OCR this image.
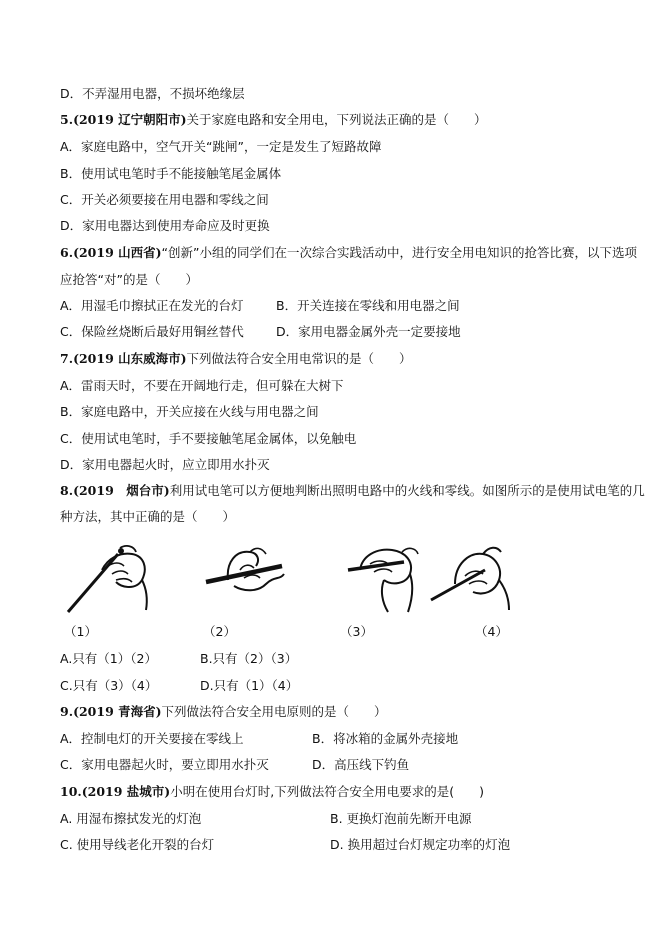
D．不弄湿用电器，不损坏绝缘层
5.(2019 辽宁朝阳市)关于家庭电路和安全用电，下列说法正确的是（　　）
A．家庭电路中，空气开关“跳闸”，一定是发生了短路故障
B．使用试电笔时手不能接触笔尾金属体
C．开关必须要接在用电器和零线之间
D．家用电器达到使用寿命应及时更换
6.(2019 山西省)“创新”小组的同学们在一次综合实践活动中，进行安全用电知识的抢答比赛，以下选项
应抢答“对”的是（　　）
A．用湿毛巾擦拭正在发光的台灯	B．开关连接在零线和用电器之间
C．保险丝烧断后最好用铜丝替代	D．家用电器金属外壳一定要接地
7.(2019 山东威海市)下列做法符合安全用电常识的是（　　）
A．雷雨天时，不要在开阔地行走，但可躲在大树下
B．家庭电路中，开关应接在火线与用电器之间
C．使用试电笔时，手不要接触笔尾金属体，以免触电
D．家用电器起火时，应立即用水扑灭
8.(2019　烟台市)利用试电笔可以方便地判断出照明电路中的火线和零线。如图所示的是使用试电笔的几
种方法，其中正确的是（　　）
（1）	（2）	（3）	（4）
A.只有（1）（2）	B.只有（2）（3）
C.只有（3）（4）	D.只有（1）（4）
9.(2019 青海省)下列做法符合安全用电原则的是（　　）
A．控制电灯的开关要接在零线上	B．将冰箱的金属外壳接地
C．家用电器起火时，要立即用水扑灭	D．高压线下钓鱼
10.(2019 盐城市)小明在使用台灯时,下列做法符合安全用电要求的是(　　)
A. 用湿布擦拭发光的灯泡	B. 更换灯泡前先断开电源
C. 使用导线老化开裂的台灯	D. 换用超过台灯规定功率的灯泡
